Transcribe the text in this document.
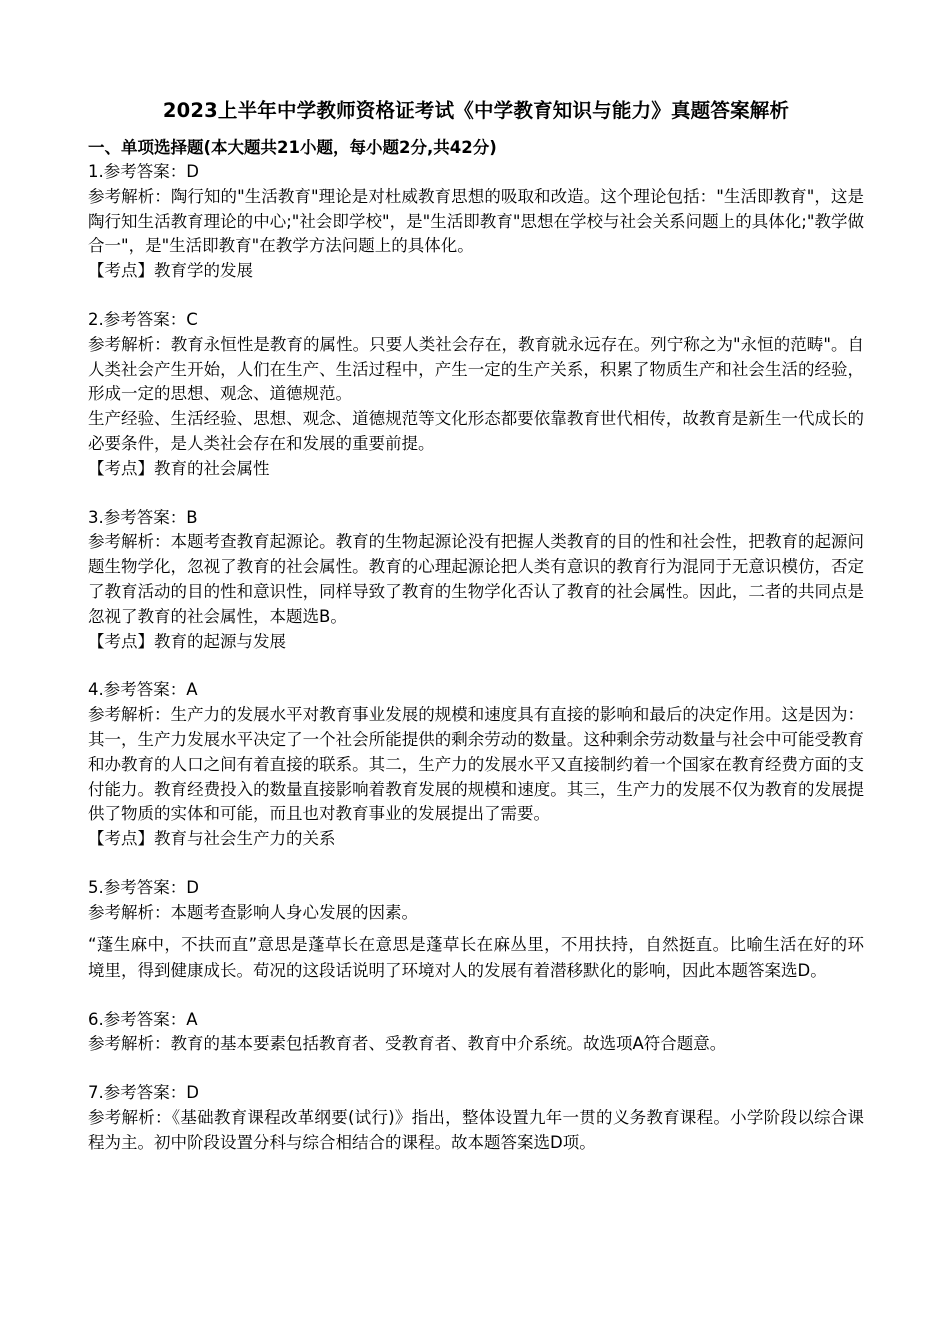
2023上半年中学教师资格证考试《中学教育知识与能力》真题答案解析
一、单项选择题(本大题共21小题，每小题2分,共42分)

1.参考答案：D

参考解析：陶行知的"生活教育"理论是对杜威教育思想的吸取和改造。这个理论包括："生活即教育"，这是陶行知生活教育理论的中心;"社会即学校"，是"生活即教育"思想在学校与社会关系问题上的具体化;"教学做合一"，是"生活即教育"在教学方法问题上的具体化。

【考点】教育学的发展

2.参考答案：C

参考解析：教育永恒性是教育的属性。只要人类社会存在，教育就永远存在。列宁称之为"永恒的范畴"。自人类社会产生开始，人们在生产、生活过程中，产生一定的生产关系，积累了物质生产和社会生活的经验，形成一定的思想、观念、道德规范。

生产经验、生活经验、思想、观念、道德规范等文化形态都要依靠教育世代相传，故教育是新生一代成长的必要条件，是人类社会存在和发展的重要前提。

【考点】教育的社会属性

3.参考答案：B

参考解析：本题考查教育起源论。教育的生物起源论没有把握人类教育的目的性和社会性，把教育的起源问题生物学化，忽视了教育的社会属性。教育的心理起源论把人类有意识的教育行为混同于无意识模仿，否定了教育活动的目的性和意识性，同样导致了教育的生物学化否认了教育的社会属性。因此，二者的共同点是忽视了教育的社会属性，本题选B。

【考点】教育的起源与发展

4.参考答案：A

参考解析：生产力的发展水平对教育事业发展的规模和速度具有直接的影响和最后的决定作用。这是因为：其一，生产力发展水平决定了一个社会所能提供的剩余劳动的数量。这种剩余劳动数量与社会中可能受教育和办教育的人口之间有着直接的联系。其二，生产力的发展水平又直接制约着一个国家在教育经费方面的支付能力。教育经费投入的数量直接影响着教育发展的规模和速度。其三，生产力的发展不仅为教育的发展提供了物质的实体和可能，而且也对教育事业的发展提出了需要。

【考点】教育与社会生产力的关系

5.参考答案：D

参考解析：本题考查影响人身心发展的因素。

“蓬生麻中，不扶而直”意思是蓬草长在意思是蓬草长在麻丛里，不用扶持，自然挺直。比喻生活在好的环境里，得到健康成长。荀况的这段话说明了环境对人的发展有着潜移默化的影响，因此本题答案选D。

6.参考答案：A

参考解析：教育的基本要素包括教育者、受教育者、教育中介系统。故选项A符合题意。

7.参考答案：D

参考解析：《基础教育课程改革纲要(试行)》指出，整体设置九年一贯的义务教育课程。小学阶段以综合课程为主。初中阶段设置分科与综合相结合的课程。故本题答案选D项。
